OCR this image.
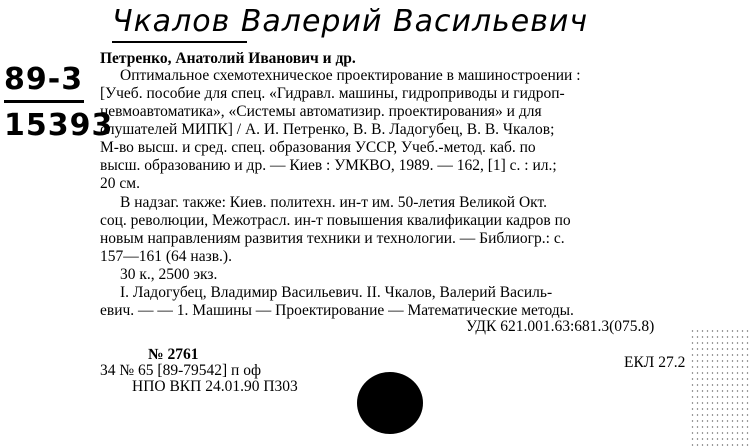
Чкалов Валерий Васильевич
89-3
15393
Петренко, Анатолий Иванович и др.
Оптимальное схемотехническое проектирование в машиностроении :
[Учеб. пособие для спец. «Гидравл. машины, гидроприводы и гидроп-
невмоавтоматика», «Системы автоматизир. проектирования» и для
слушателей МИПК] / А. И. Петренко, В. В. Ладогубец, В. В. Чкалов;
М-во высш. и сред. спец. образования УССР, Учеб.-метод. каб. по
высш. образованию и др. — Киев : УМКВО, 1989. — 162, [1] с. : ил.;
20 см.
В надзаг. также: Киев. политехн. ин-т им. 50-летия Великой Окт.
соц. революции, Межотрасл. ин-т повышения квалификации кадров по
новым направлениям развития техники и технологии. — Библиогр.: с.
157—161 (64 назв.).
30 к., 2500 экз.
I. Ладогубец, Владимир Васильевич. II. Чкалов, Валерий Василь-
евич. — — 1. Машины — Проектирование — Математические методы.
УДК 621.001.63:681.3(075.8)
№ 2761
34 № 65 [89-79542] п оф
НПО ВКП 24.01.90 П303
ЕКЛ 27.2
